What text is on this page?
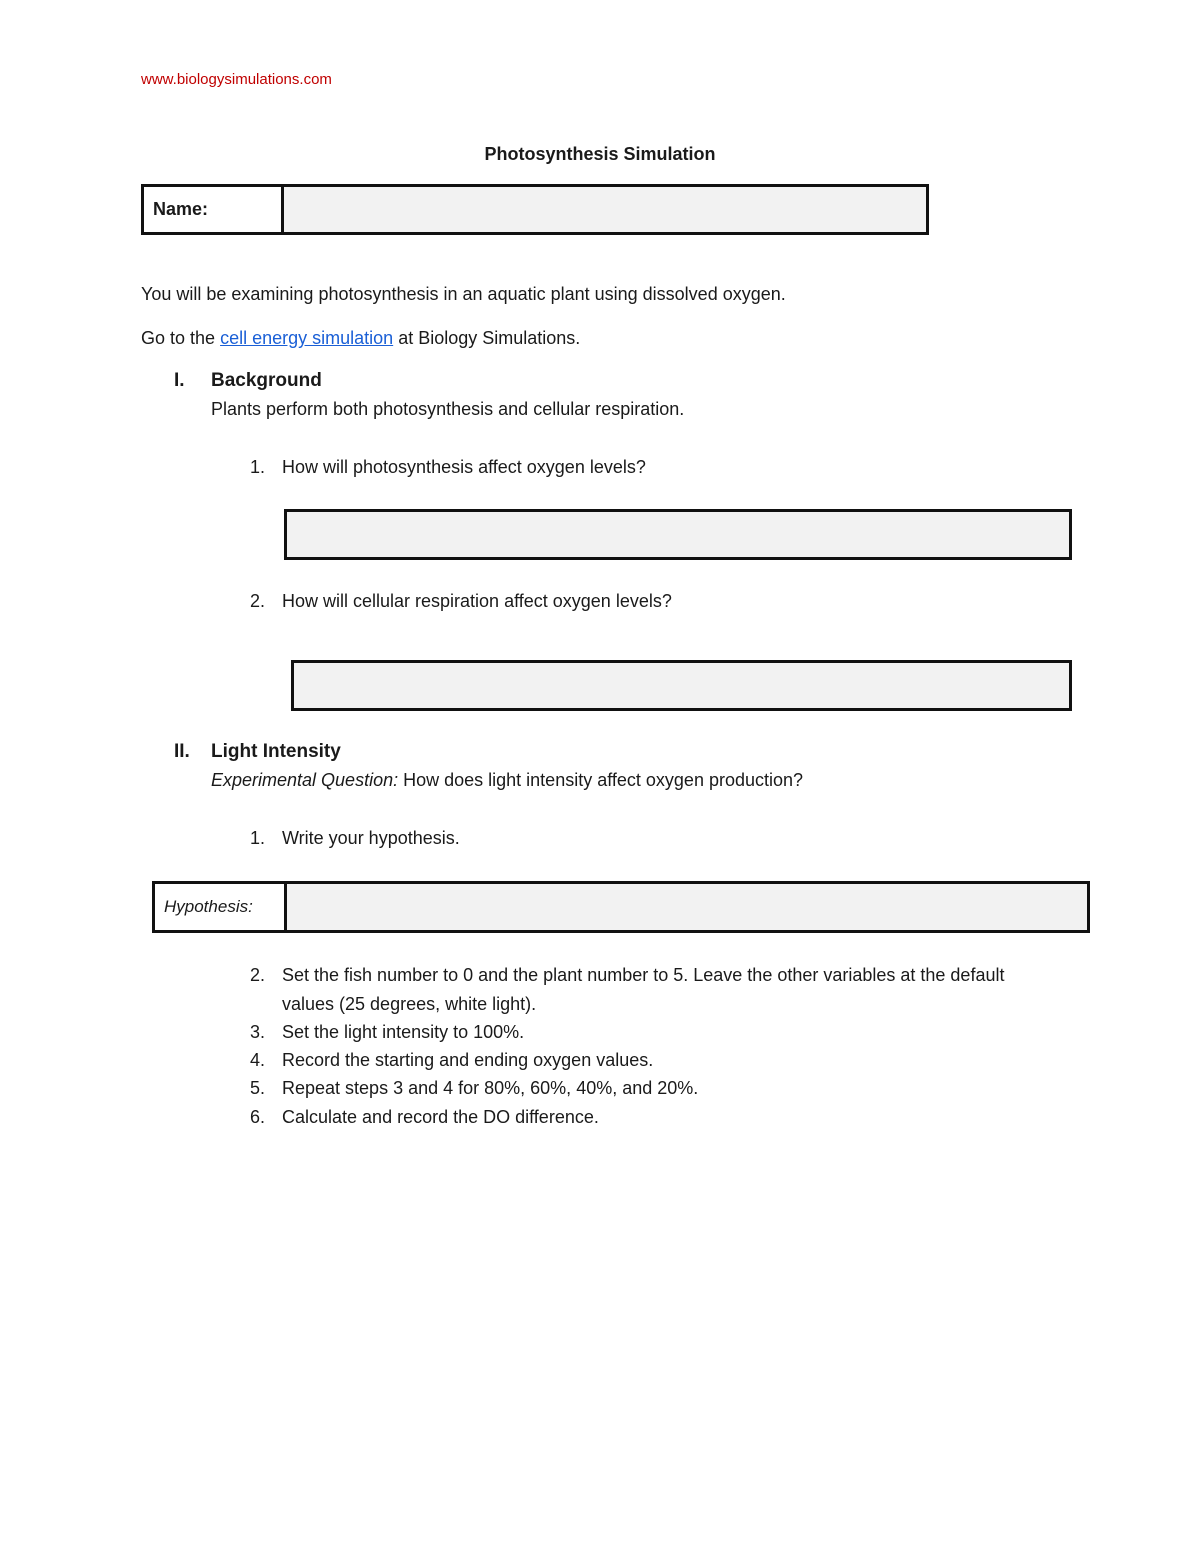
www.biologysimulations.com
Photosynthesis Simulation
Name:
You will be examining photosynthesis in an aquatic plant using dissolved oxygen.
Go to the cell energy simulation at Biology Simulations.
I. Background
Plants perform both photosynthesis and cellular respiration.
1. How will photosynthesis affect oxygen levels?
2. How will cellular respiration affect oxygen levels?
II. Light Intensity
Experimental Question: How does light intensity affect oxygen production?
1. Write your hypothesis.
Hypothesis:
2. Set the fish number to 0 and the plant number to 5. Leave the other variables at the default values (25 degrees, white light).
3. Set the light intensity to 100%.
4. Record the starting and ending oxygen values.
5. Repeat steps 3 and 4 for 80%, 60%, 40%, and 20%.
6. Calculate and record the DO difference.
